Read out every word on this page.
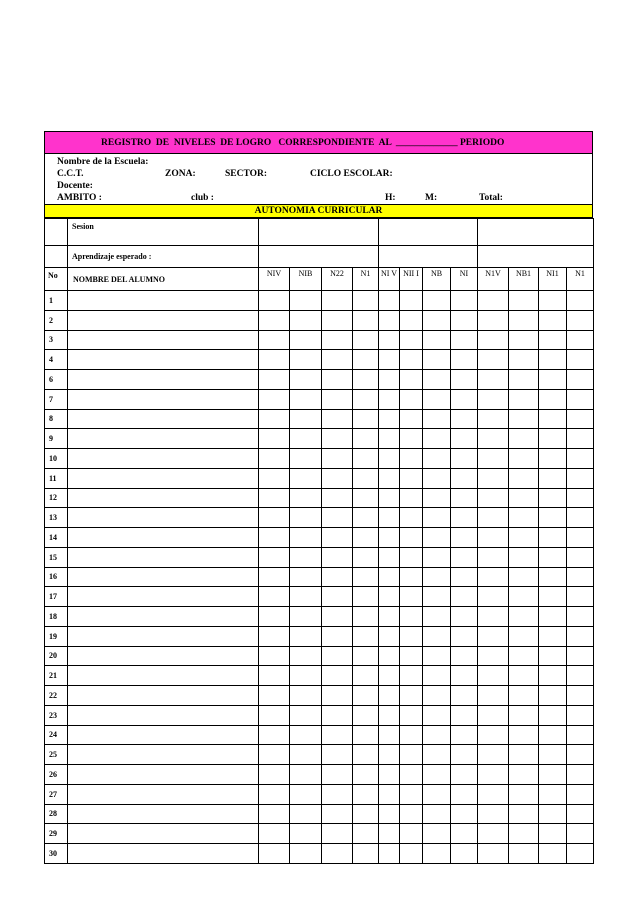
REGISTRO  DE  NIVELES  DE LOGRO   CORRESPONDIENTE  AL _____________ PERIODO
Nombre de la Escuela:
C.C.T.	ZONA:	SECTOR:	CICLO ESCOLAR:
Docente:
AMBITO :	club :	H:	M:	Total:
AUTONOMIA CURRICULAR
	Sesion												
	Aprendizaje esperado :												
No	NOMBRE DEL ALUMNO	NIV	NIB	N22	N1	NI V	NII I	NB	NI	N1V	NB1	NI1	N1
1													
2													
3													
4													
6													
7													
8													
9													
10													
11													
12													
13													
14													
15													
16													
17													
18													
19													
20													
21													
22													
23													
24													
25													
26													
27													
28													
29													
30													
